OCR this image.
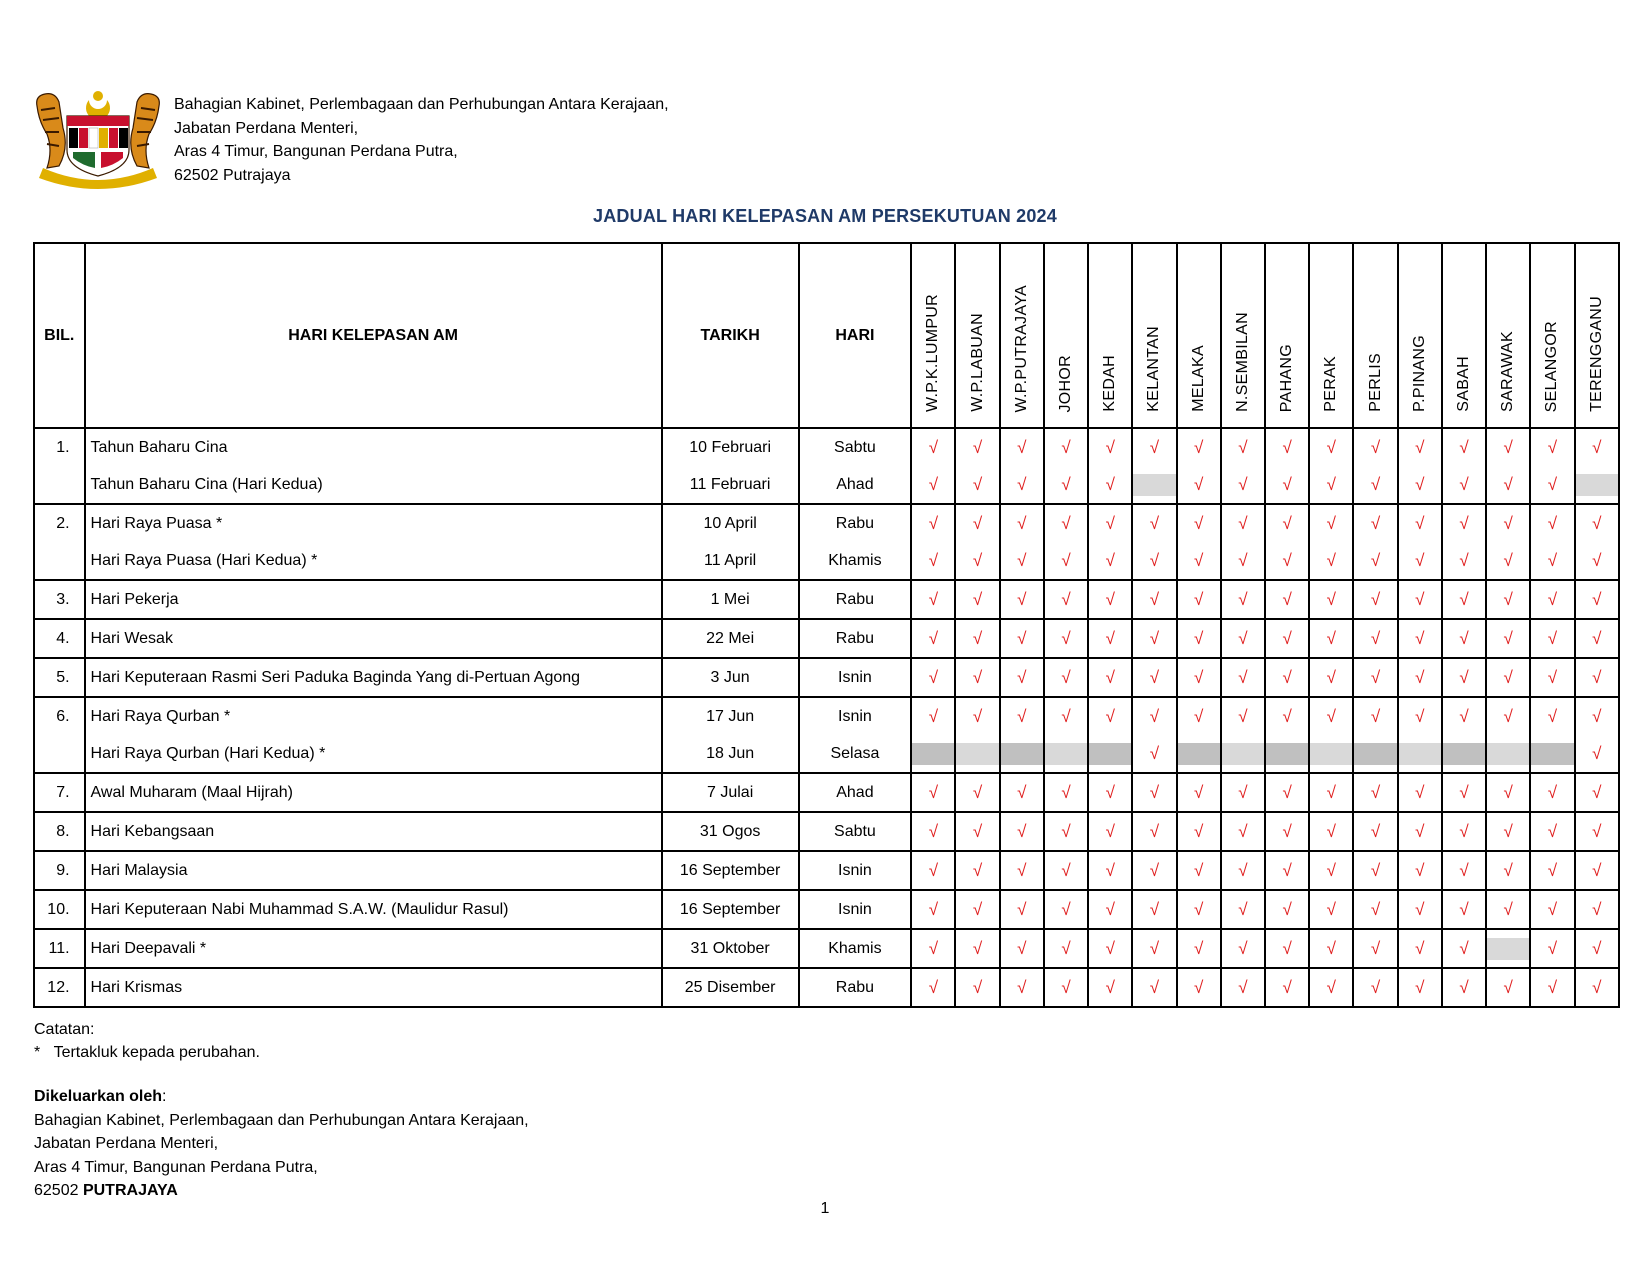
Bahagian Kabinet, Perlembagaan dan Perhubungan Antara Kerajaan,
Jabatan Perdana Menteri,
Aras 4 Timur, Bangunan Perdana Putra,
62502 Putrajaya
JADUAL HARI KELEPASAN AM PERSEKUTUAN 2024
BIL.	HARI KELEPASAN AM	TARIKH	HARI	W.P.K.LUMPUR	W.P.LABUAN	W.P.PUTRAJAYA	JOHOR	KEDAH	KELANTAN	MELAKA	N.SEMBILAN	PAHANG	PERAK	PERLIS	P.PINANG	SABAH	SARAWAK	SELANGOR	TERENGGANU
1.	Tahun Baharu Cina	10 Februari	Sabtu	√	√	√	√	√	√	√	√	√	√	√	√	√	√	√	√
	Tahun Baharu Cina (Hari Kedua)	11 Februari	Ahad	√	√	√	√	√		√	√	√	√	√	√	√	√	√	

2.	Hari Raya Puasa *	10 April	Rabu	√	√	√	√	√	√	√	√	√	√	√	√	√	√	√	√
	Hari Raya Puasa (Hari Kedua) *	11 April	Khamis	√	√	√	√	√	√	√	√	√	√	√	√	√	√	√	√
3.	Hari Pekerja	1 Mei	Rabu	√	√	√	√	√	√	√	√	√	√	√	√	√	√	√	√
4.	Hari Wesak	22 Mei	Rabu	√	√	√	√	√	√	√	√	√	√	√	√	√	√	√	√
5.	Hari Keputeraan Rasmi Seri Paduka Baginda Yang di-Pertuan Agong	3 Jun	Isnin	√	√	√	√	√	√	√	√	√	√	√	√	√	√	√	√
6.	Hari Raya Qurban *	17 Jun	Isnin	√	√	√	√	√	√	√	√	√	√	√	√	√	√	√	√
	Hari Raya Qurban (Hari Kedua) *	18 Jun	Selasa						√										√
7.	Awal Muharam (Maal Hijrah)	7 Julai	Ahad	√	√	√	√	√	√	√	√	√	√	√	√	√	√	√	√
8.	Hari Kebangsaan	31 Ogos	Sabtu	√	√	√	√	√	√	√	√	√	√	√	√	√	√	√	√
9.	Hari Malaysia	16 September	Isnin	√	√	√	√	√	√	√	√	√	√	√	√	√	√	√	√
10.	Hari Keputeraan Nabi Muhammad S.A.W. (Maulidur Rasul)	16 September	Isnin	√	√	√	√	√	√	√	√	√	√	√	√	√	√	√	√
11.	Hari Deepavali *	31 Oktober	Khamis	√	√	√	√	√	√	√	√	√	√	√	√	√		√	√
12.	Hari Krismas	25 Disember	Rabu	√	√	√	√	√	√	√	√	√	√	√	√	√	√	√	√
Catatan:
* Tertakluk kepada perubahan.
Dikeluarkan oleh:
Bahagian Kabinet, Perlembagaan dan Perhubungan Antara Kerajaan,
Jabatan Perdana Menteri,
Aras 4 Timur, Bangunan Perdana Putra,
62502 PUTRAJAYA
1
